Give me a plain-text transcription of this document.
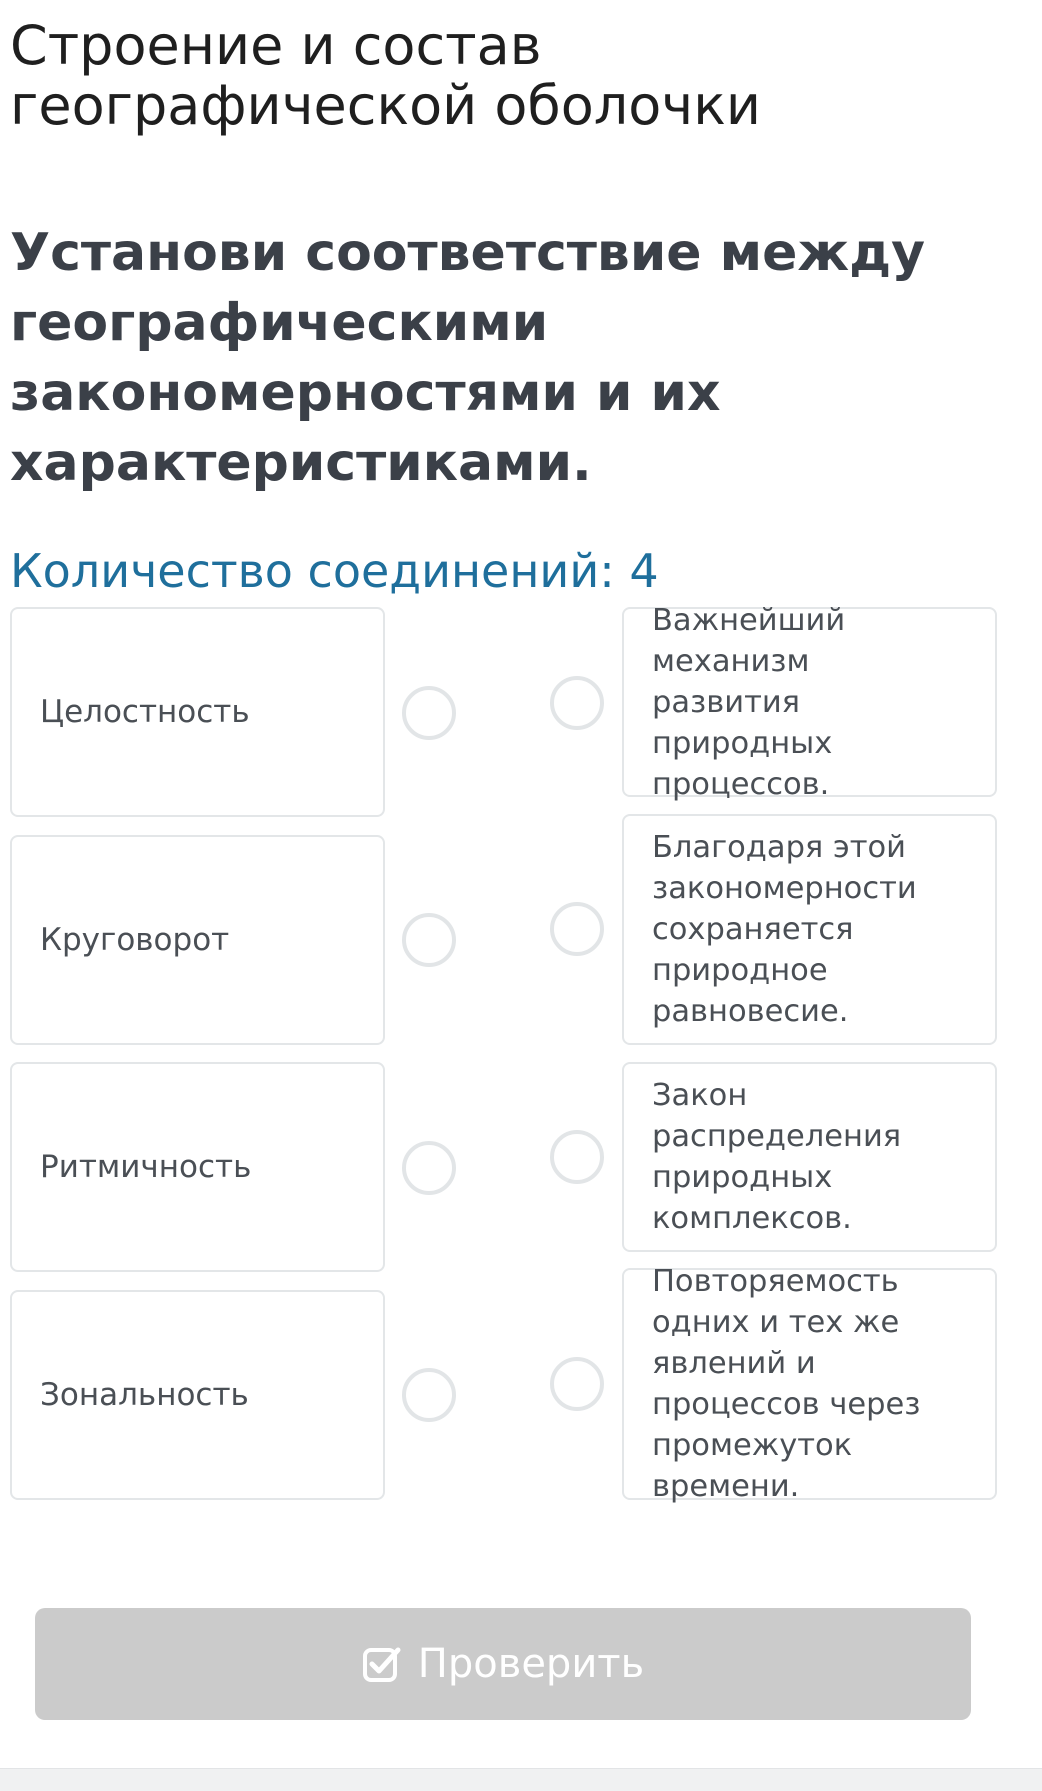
Строение и состав географической оболочки
Установи соответствие между географическими закономерностями и их характеристиками.
Количество соединений: 4
Целостность
Круговорот
Ритмичность
Зональность
Важнейший механизм развития природных процессов.
Благодаря этой закономерности сохраняется природное равновесие.
Закон распределения природных комплексов.
Повторяемость одних и тех же явлений и процессов через промежуток времени.
Проверить
